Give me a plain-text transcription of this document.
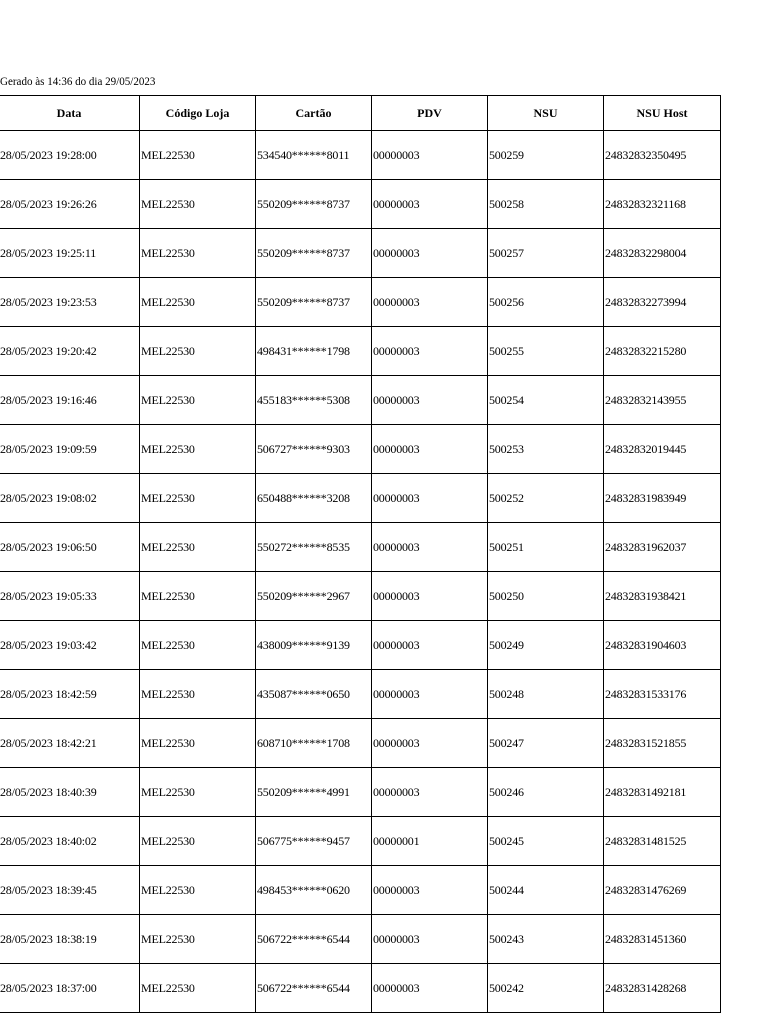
Gerado às 14:36 do dia 29/05/2023
Data	Código Loja	Cartão	PDV	NSU	NSU Host
28/05/2023 19:28:00	MEL22530	534540******8011	00000003	500259	24832832350495
28/05/2023 19:26:26	MEL22530	550209******8737	00000003	500258	24832832321168
28/05/2023 19:25:11	MEL22530	550209******8737	00000003	500257	24832832298004
28/05/2023 19:23:53	MEL22530	550209******8737	00000003	500256	24832832273994
28/05/2023 19:20:42	MEL22530	498431******1798	00000003	500255	24832832215280
28/05/2023 19:16:46	MEL22530	455183******5308	00000003	500254	24832832143955
28/05/2023 19:09:59	MEL22530	506727******9303	00000003	500253	24832832019445
28/05/2023 19:08:02	MEL22530	650488******3208	00000003	500252	24832831983949
28/05/2023 19:06:50	MEL22530	550272******8535	00000003	500251	24832831962037
28/05/2023 19:05:33	MEL22530	550209******2967	00000003	500250	24832831938421
28/05/2023 19:03:42	MEL22530	438009******9139	00000003	500249	24832831904603
28/05/2023 18:42:59	MEL22530	435087******0650	00000003	500248	24832831533176
28/05/2023 18:42:21	MEL22530	608710******1708	00000003	500247	24832831521855
28/05/2023 18:40:39	MEL22530	550209******4991	00000003	500246	24832831492181
28/05/2023 18:40:02	MEL22530	506775******9457	00000001	500245	24832831481525
28/05/2023 18:39:45	MEL22530	498453******0620	00000003	500244	24832831476269
28/05/2023 18:38:19	MEL22530	506722******6544	00000003	500243	24832831451360
28/05/2023 18:37:00	MEL22530	506722******6544	00000003	500242	24832831428268
